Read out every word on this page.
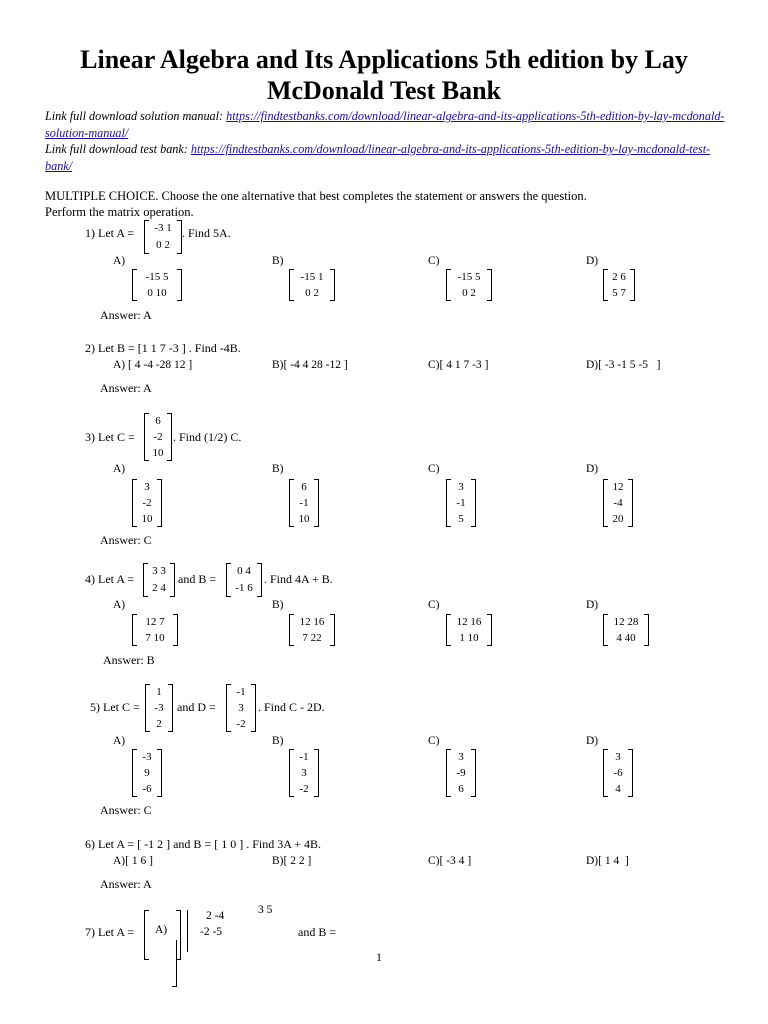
Linear Algebra and Its Applications 5th edition by Lay
McDonald Test Bank
Link full download solution manual: https://findtestbanks.com/download/linear-algebra-and-its-applications-5th-edition-by-lay-mcdonald-solution-manual/
Link full download test bank: https://findtestbanks.com/download/linear-algebra-and-its-applications-5th-edition-by-lay-mcdonald-test-bank/
MULTIPLE CHOICE. Choose the one alternative that best completes the statement or answers the question.
Perform the matrix operation.
1) Let A =	-3 1
0 2
. Find 5A.
A)	B)	C)	D)
-15 5
0 10
-15 1
0 2
-15 5
0 2
2 6
5 7
Answer: A
2) Let B = [1 1 7 -3 ] . Find -4B.
A) [ 4 -4 -28 12 ]	B)[ -4 4 28 -12 ]	C)[ 4 1 7 -3 ]	D)[ -3 -1 5 -5   ]
Answer: A
3) Let C =
6
-2
10
. Find (1/2) C.
A)	B)	C)	D)
3
-2
10
6
-1
10
3
-1
5
12
-4
20
Answer: C
4) Let A =
3 3
2 4
and B =
0 4
-1 6
. Find 4A + B.
A)	B)	C)	D)
12 7
7 10
12 16
7 22
12 16
1 10
12 28
4 40
Answer: B
5) Let C =
1
-3
2
and D =
-1
3
-2
. Find C - 2D.
A)	B)	C)	D)
-3
9
-6
-1
3
-2
3
-9
6
3
-6
4
Answer: C
6) Let A = [ -1 2 ] and B = [ 1 0 ] . Find 3A + 4B.
A)[ 1 6 ]	B)[ 2 2 ]	C)[ -3 4 ]	D)[ 1 4  ]
Answer: A
7) Let A = A)
2 -4
-2 -5
3 5
and B =
1
